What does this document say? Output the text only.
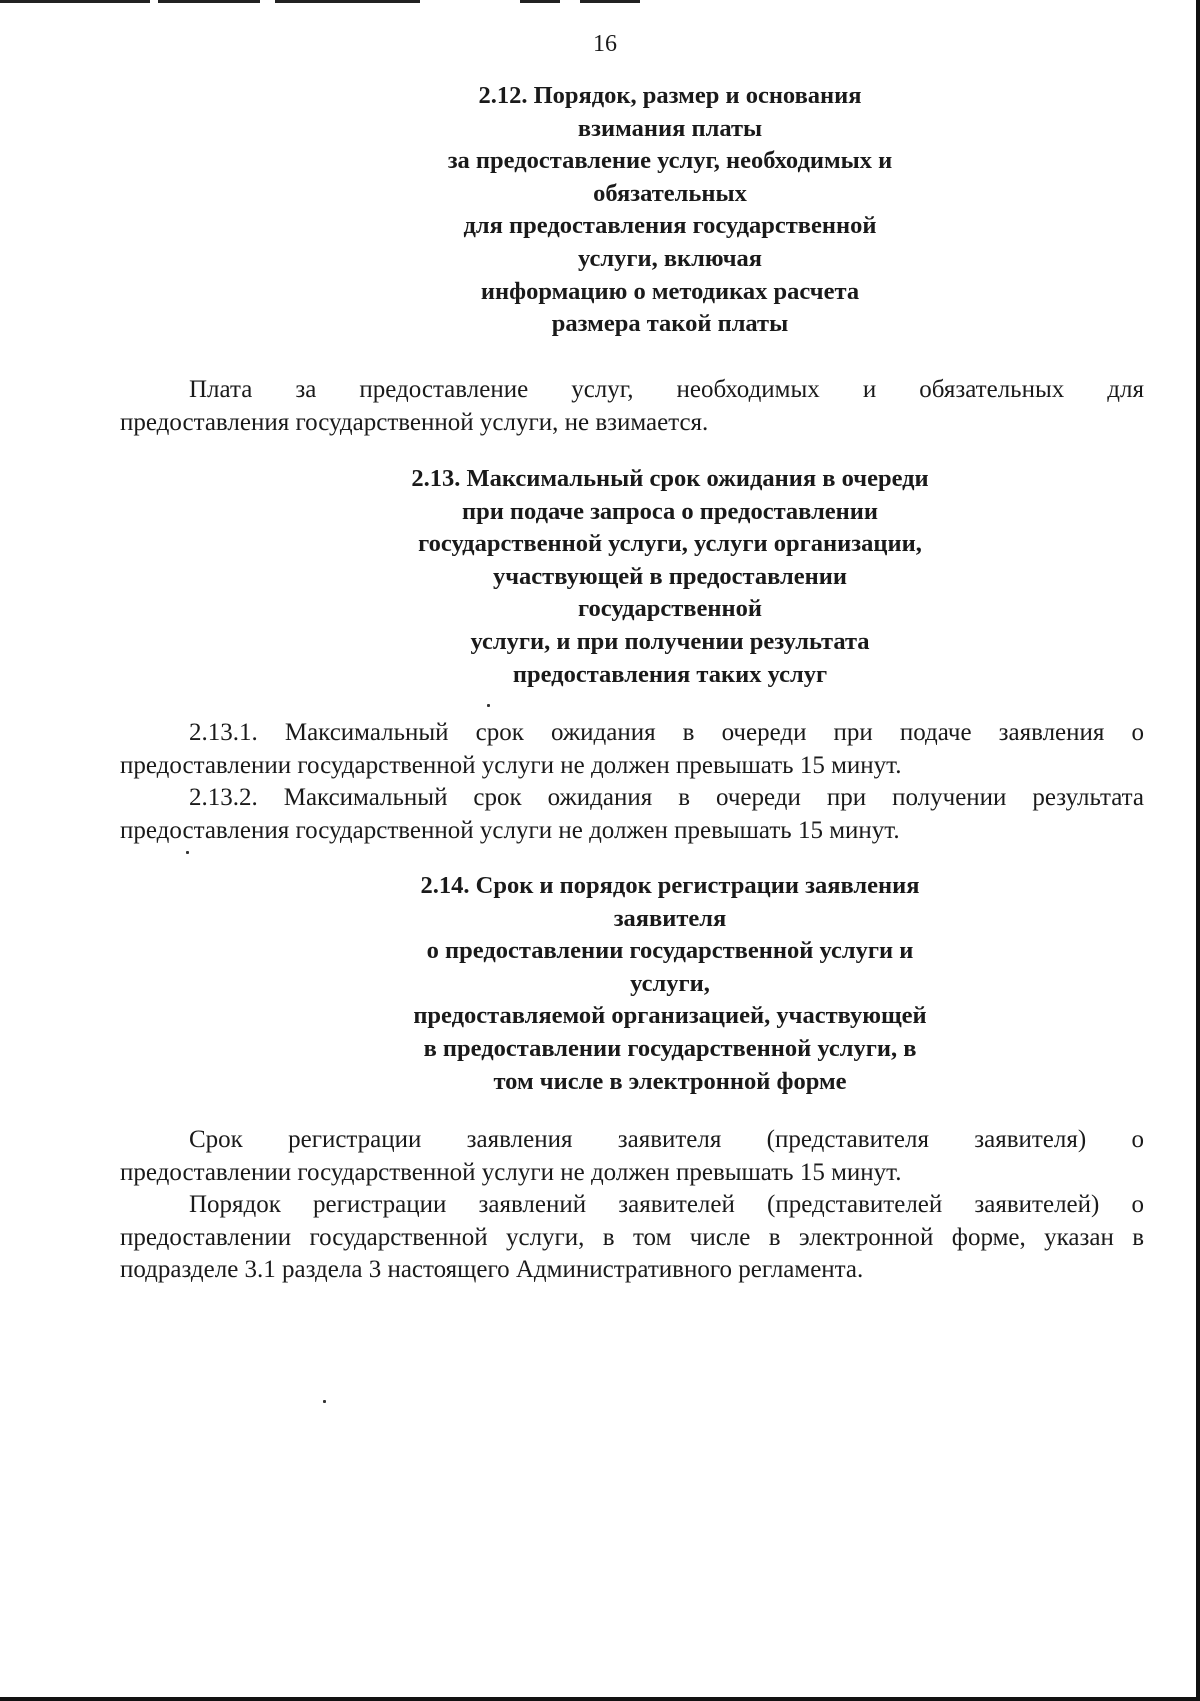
16
2.12. Порядок, размер и основания
взимания платы
за предоставление услуг, необходимых и
обязательных
для предоставления государственной
услуги, включая
информацию о методиках расчета
размера такой платы
Плата за предоставление услуг, необходимых и обязательных для
предоставления государственной услуги, не взимается.
2.13. Максимальный срок ожидания в очереди
при подаче запроса о предоставлении
государственной услуги, услуги организации,
участвующей в предоставлении
государственной
услуги, и при получении результата
предоставления таких услуг
2.13.1. Максимальный срок ожидания в очереди при подаче заявления о
предоставлении государственной услуги не должен превышать 15 минут.
2.13.2. Максимальный срок ожидания в очереди при получении результата
предоставления государственной услуги не должен превышать 15 минут.
2.14. Срок и порядок регистрации заявления
заявителя
о предоставлении государственной услуги и
услуги,
предоставляемой организацией, участвующей
в предоставлении государственной услуги, в
том числе в электронной форме
Срок регистрации заявления заявителя (представителя заявителя) о
предоставлении государственной услуги не должен превышать 15 минут.
Порядок регистрации заявлений заявителей (представителей заявителей) о
предоставлении государственной услуги, в том числе в электронной форме, указан в
подразделе 3.1 раздела 3 настоящего Административного регламента.
